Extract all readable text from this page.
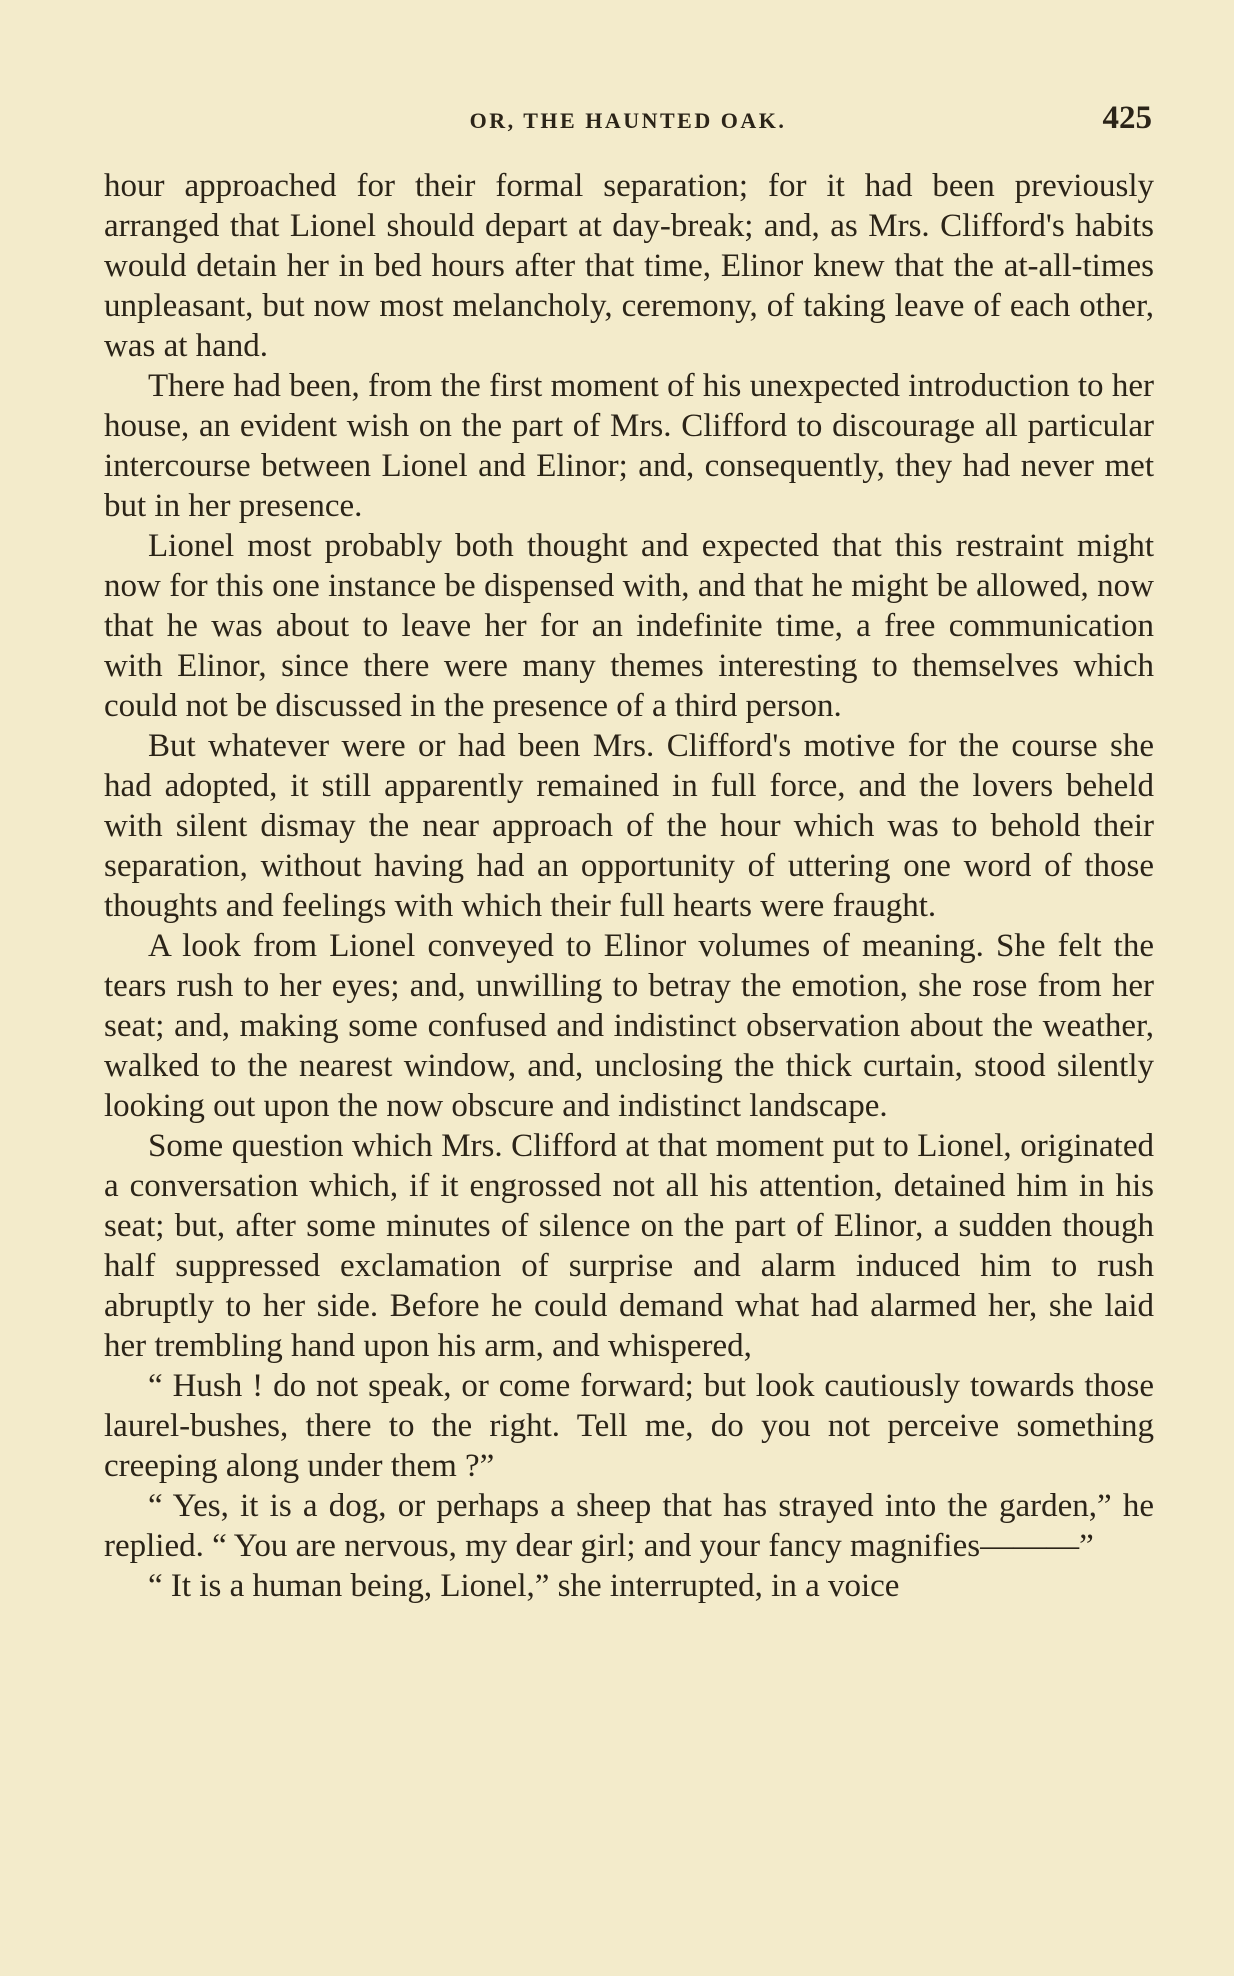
OR, THE HAUNTED OAK.	425

hour approached for their formal separation; for it had been previously arranged that Lionel should depart at day-break; and, as Mrs. Clifford's habits would detain her in bed hours after that time, Elinor knew that the at-all-times unpleasant, but now most melancholy, ceremony, of taking leave of each other, was at hand.

There had been, from the first moment of his unexpected introduction to her house, an evident wish on the part of Mrs. Clifford to discourage all particular intercourse between Lionel and Elinor; and, consequently, they had never met but in her presence.

Lionel most probably both thought and expected that this restraint might now for this one instance be dispensed with, and that he might be allowed, now that he was about to leave her for an indefinite time, a free communication with Elinor, since there were many themes interesting to themselves which could not be discussed in the presence of a third person.

But whatever were or had been Mrs. Clifford's motive for the course she had adopted, it still apparently remained in full force, and the lovers beheld with silent dismay the near approach of the hour which was to behold their separation, without having had an opportunity of uttering one word of those thoughts and feelings with which their full hearts were fraught.

A look from Lionel conveyed to Elinor volumes of meaning. She felt the tears rush to her eyes; and, unwilling to betray the emotion, she rose from her seat; and, making some confused and indistinct observation about the weather, walked to the nearest window, and, unclosing the thick curtain, stood silently looking out upon the now obscure and indistinct landscape.

Some question which Mrs. Clifford at that moment put to Lionel, originated a conversation which, if it engrossed not all his attention, detained him in his seat; but, after some minutes of silence on the part of Elinor, a sudden though half suppressed exclamation of surprise and alarm induced him to rush abruptly to her side. Before he could demand what had alarmed her, she laid her trembling hand upon his arm, and whispered,

“ Hush ! do not speak, or come forward; but look cautiously towards those laurel-bushes, there to the right. Tell me, do you not perceive something creeping along under them ?”

“ Yes, it is a dog, or perhaps a sheep that has strayed into the garden,” he replied. “ You are nervous, my dear girl; and your fancy magnifies———”

“ It is a human being, Lionel,” she interrupted, in a voice
